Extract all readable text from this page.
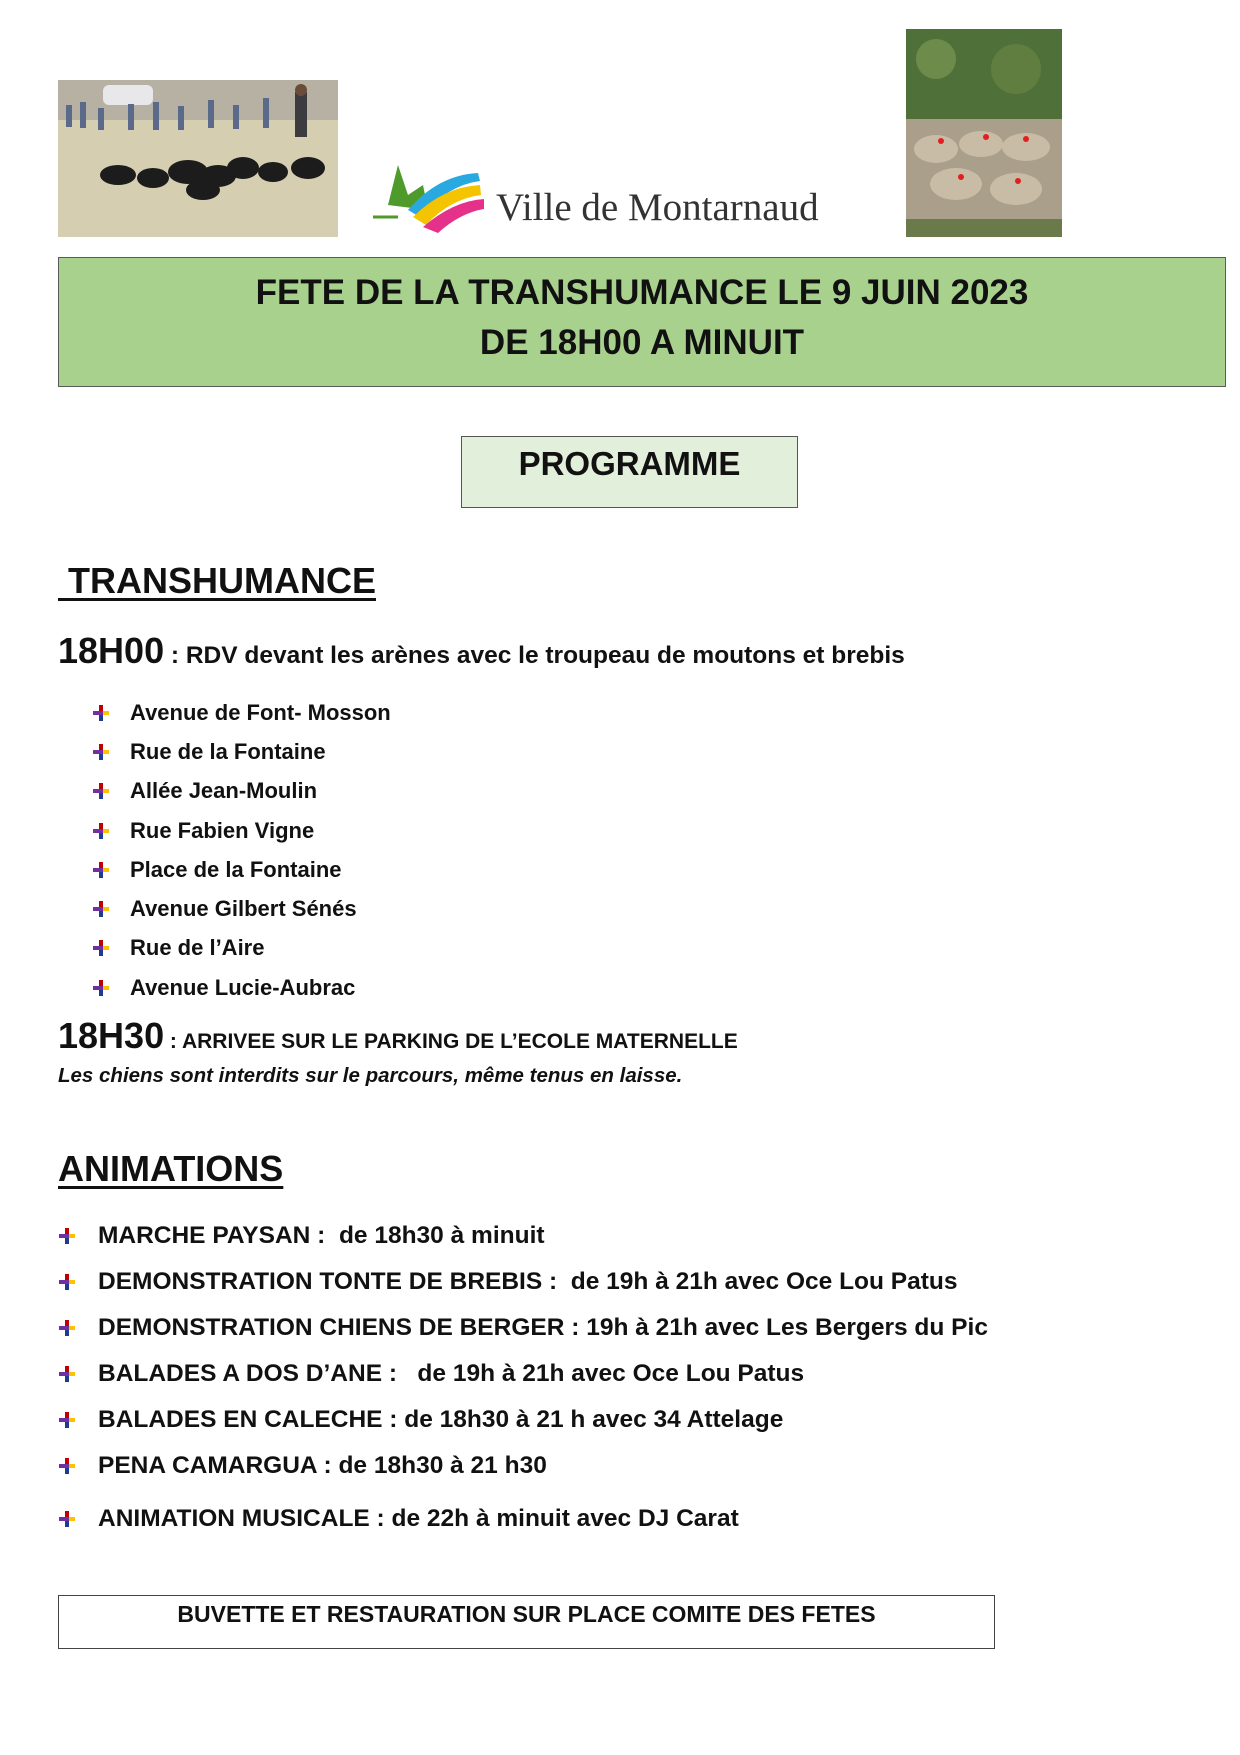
Ville de Montarnaud
FETE DE LA TRANSHUMANCE LE 9 JUIN 2023
DE 18H00 A MINUIT
PROGRAMME
TRANSHUMANCE
18H00 : RDV devant les arènes avec le troupeau de moutons et brebis
Avenue de Font- Mosson
Rue de la Fontaine
Allée Jean-Moulin
Rue Fabien Vigne
Place de la Fontaine
Avenue Gilbert Sénés
Rue de l’Aire
Avenue Lucie-Aubrac
18H30 : ARRIVEE SUR LE PARKING DE L’ECOLE MATERNELLE
Les chiens sont interdits sur le parcours, même tenus en laisse.
ANIMATIONS
MARCHE PAYSAN :  de 18h30 à minuit
DEMONSTRATION TONTE DE BREBIS :  de 19h à 21h avec Oce Lou Patus
DEMONSTRATION CHIENS DE BERGER : 19h à 21h avec Les Bergers du Pic
BALADES A DOS D’ANE :   de 19h à 21h avec Oce Lou Patus
BALADES EN CALECHE : de 18h30 à 21 h avec 34 Attelage
PENA CAMARGUA : de 18h30 à 21 h30
ANIMATION MUSICALE : de 22h à minuit avec DJ Carat
BUVETTE ET RESTAURATION SUR PLACE COMITE DES FETES
